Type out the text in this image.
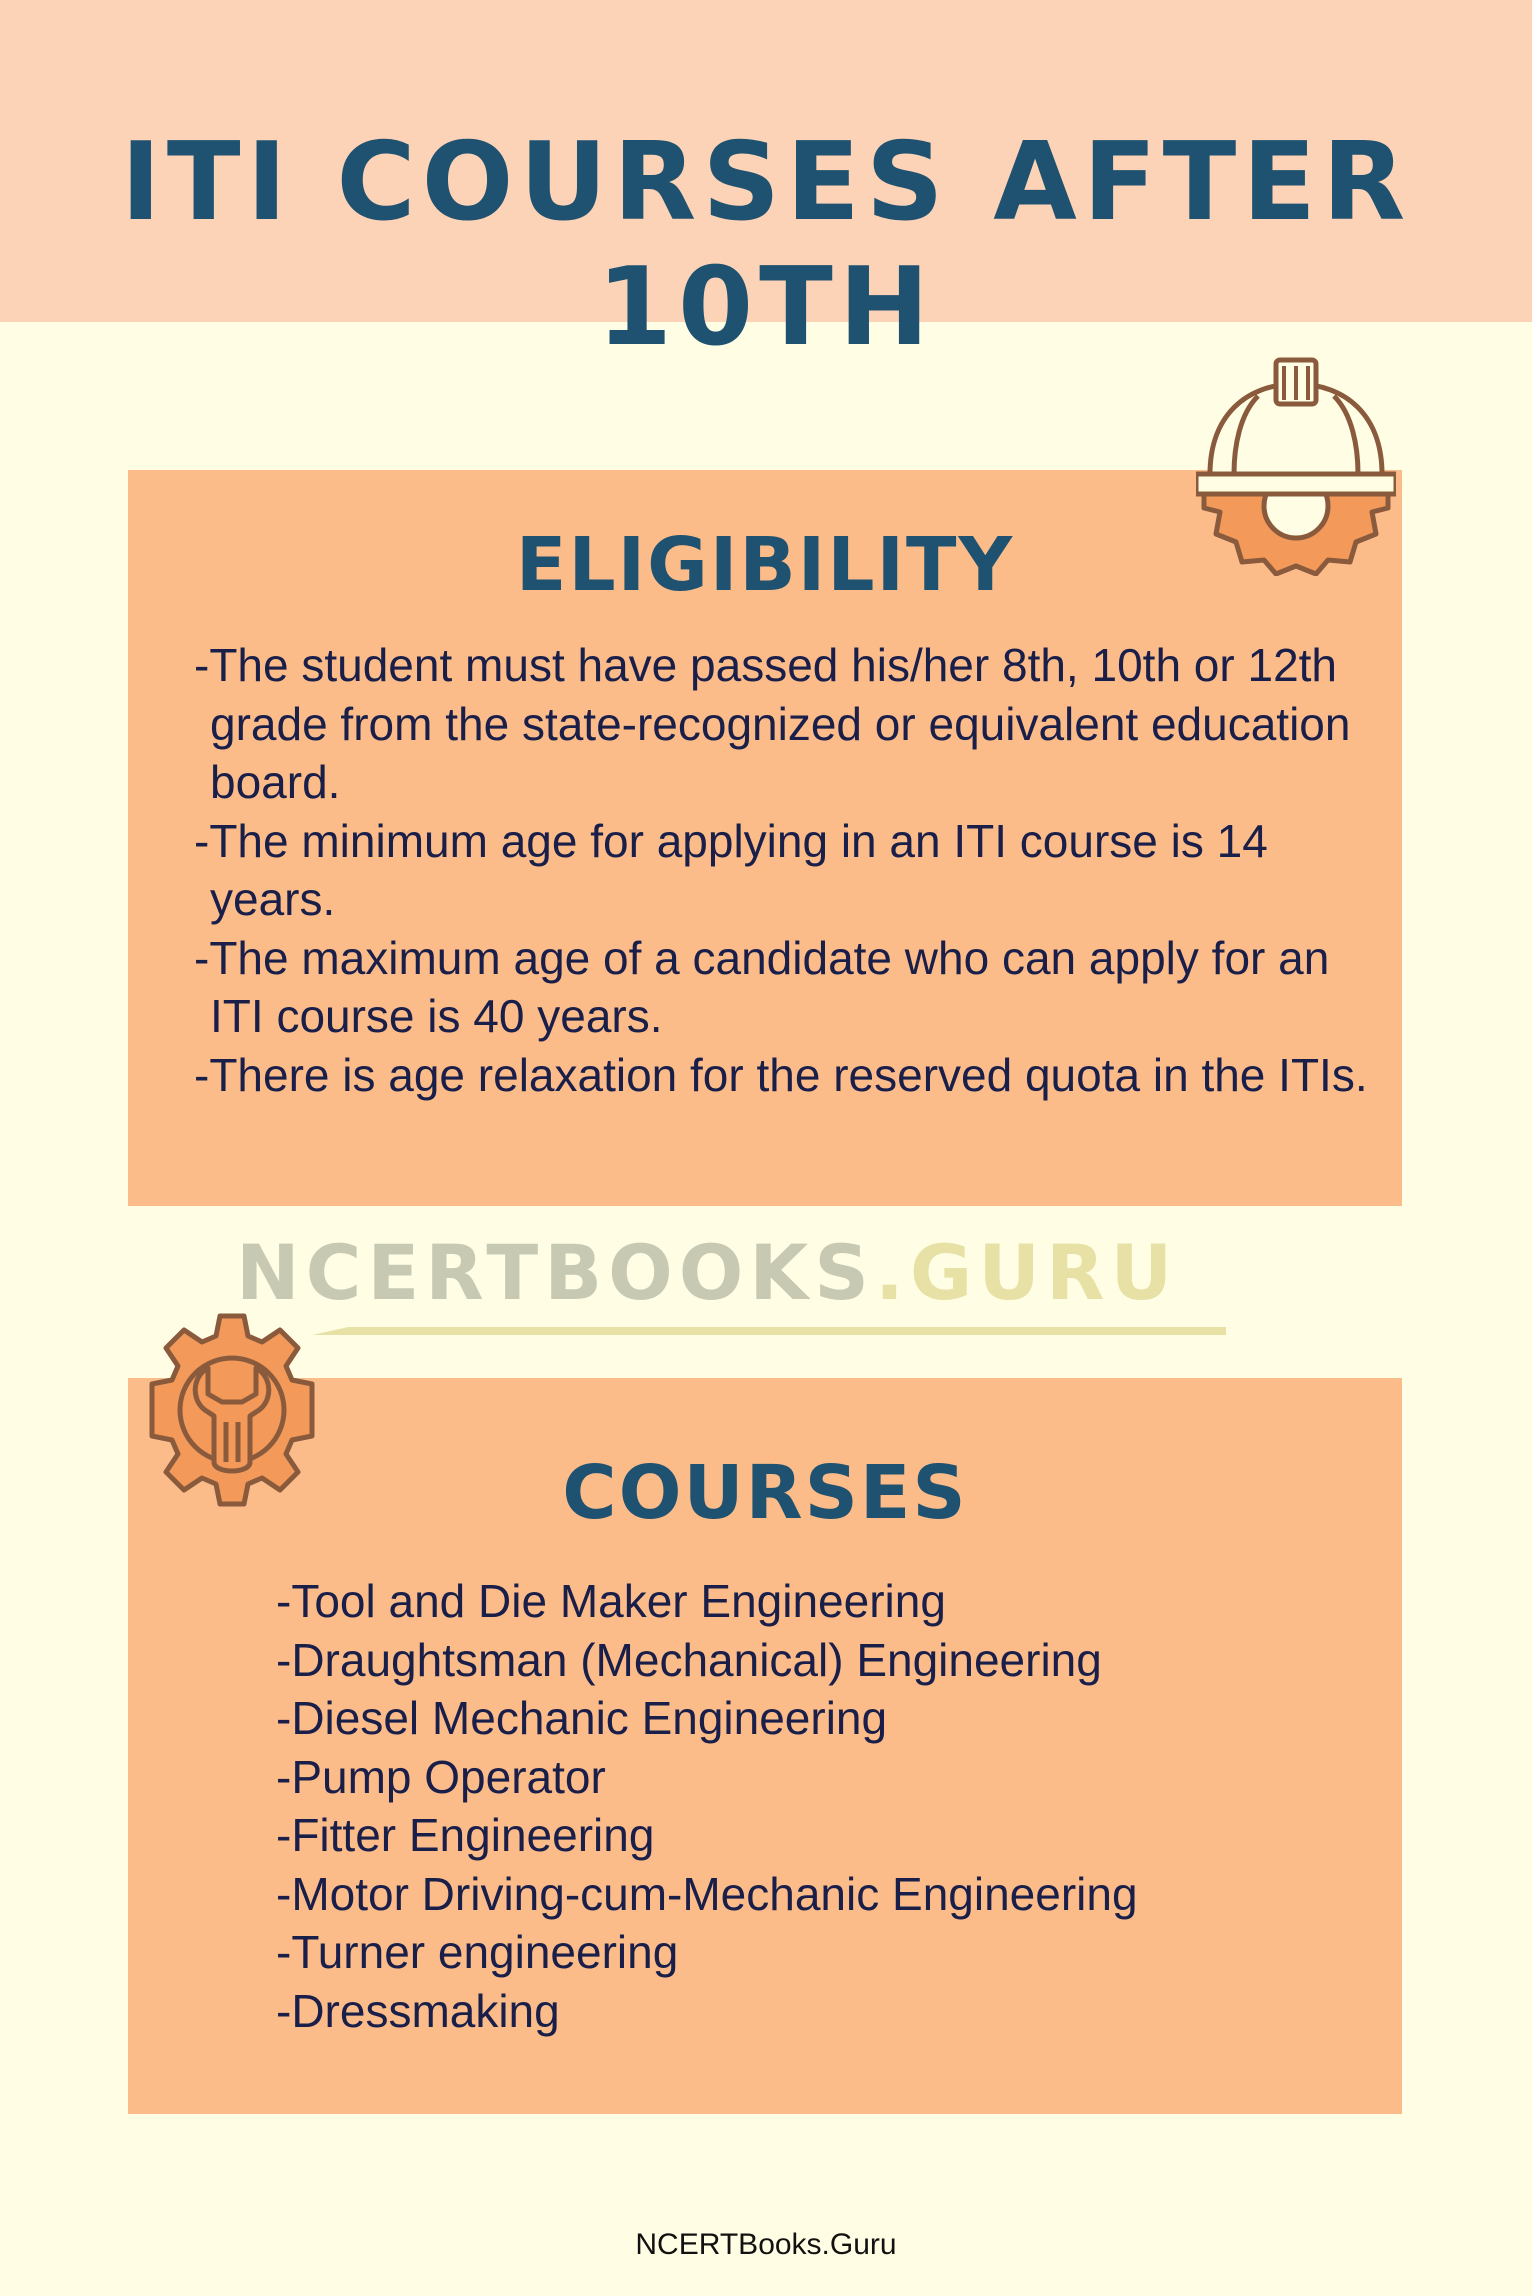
ITI COURSES AFTER 10TH
ELIGIBILITY
-The student must have passed his/her 8th, 10th or 12th grade from the state-recognized or equivalent education board.
-The minimum age for applying in an ITI course is 14 years.
-The maximum age of a candidate who can apply for an ITI course is 40 years.
-There is age relaxation for the reserved quota in the ITIs.
NCERTBOOKS.GURU
COURSES
-Tool and Die Maker Engineering
-Draughtsman (Mechanical) Engineering
-Diesel Mechanic Engineering
-Pump Operator
-Fitter Engineering
-Motor Driving-cum-Mechanic Engineering
-Turner engineering
-Dressmaking

NCERTBooks.Guru
